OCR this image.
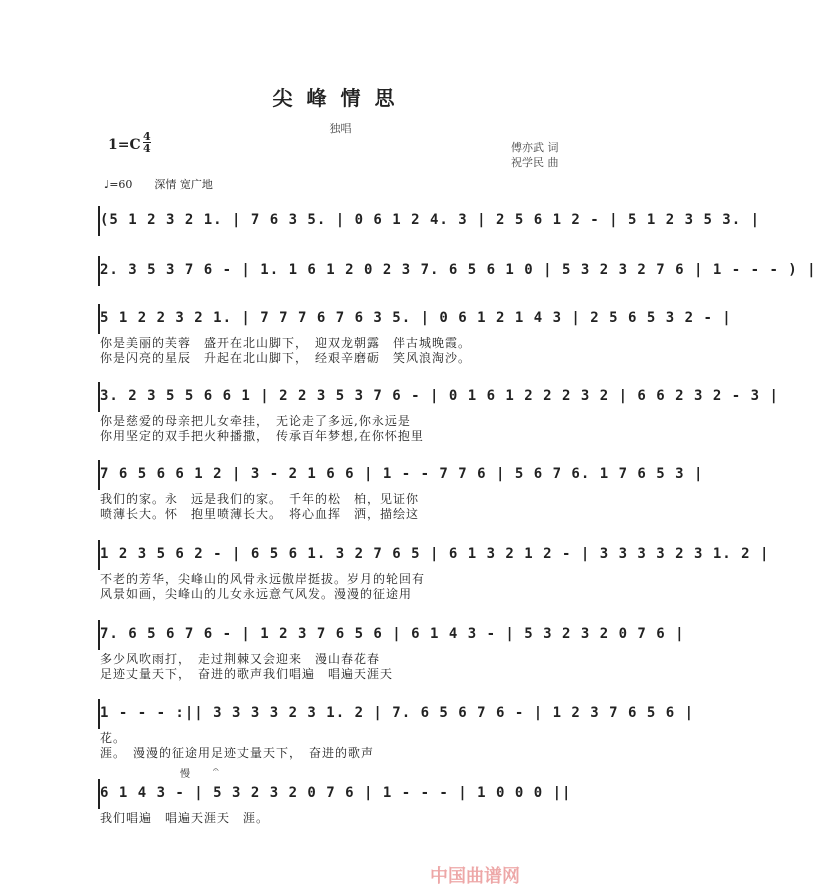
尖峰情思
独唱
1=C
4
4	傅亦武 词
祝学民 曲
♩=60　　深情 宽广地
(5 1 2 3 2 1. | 7 6 3 5. | 0 6 1 2 4. 3 | 2 5 6 1 2 - | 5 1 2 3 5 3. |
2. 3 5 3 7 6 - | 1. 1 6 1 2 0 2 3 7. 6 5 6 1 0 | 5 3 2 3 2 7 6 | 1 - - - ) |
5 1 2 2 3 2 1. | 7 7 7 6 7 6 3 5. | 0 6 1 2 1 4 3 | 2 5 6 5 3 2 - |
你是美丽的芙蓉　盛开在北山脚下，　迎双龙朝露　伴古城晚霞。
你是闪亮的星辰　升起在北山脚下，　经艰辛磨砺　笑风浪淘沙。
3. 2 3 5 5 6 6 1 | 2 2 3 5 3 7 6 - | 0 1 6 1 2 2 2 3 2 | 6 6 2 3 2 - 3 |
你是慈爱的母亲把儿女牵挂，　无论走了多远,你永远是
你用坚定的双手把火种播撒，　传承百年梦想,在你怀抱里
7 6 5 6 6 1 2 | 3 - 2 1 6 6 | 1 - - 7 7 6 | 5 6 7 6. 1 7 6 5 3 |
我们的家。永　远是我们的家。　千年的松　柏，见证你
喷薄长大。怀　抱里喷薄长大。　将心血挥　洒，描绘这
1 2 3 5 6 2 - | 6 5 6 1. 3 2 7 6 5 | 6 1 3 2 1 2 - | 3 3 3 3 2 3 1. 2 |
不老的芳华，尖峰山的风骨永远傲岸挺拔。岁月的轮回有
风景如画，尖峰山的儿女永远意气风发。漫漫的征途用
7. 6 5 6 7 6 - | 1 2 3 7 6 5 6 | 6 1 4 3 - | 5 3 2 3 2 0 7 6 |
多少风吹雨打，　走过荆棘又会迎来　漫山春花春
足迹丈量天下，　奋进的歌声我们唱遍　唱遍天涯天
1 - - - :|| 3 3 3 3 2 3 1. 2 | 7. 6 5 6 7 6 - | 1 2 3 7 6 5 6 |
花。
涯。　漫漫的征途用足迹丈量天下，　奋进的歌声
6 1 4 3 - | 5 3 2 3 2 0 7 6 | 1 - - - | 1 0 0 0 ||
我们唱遍　唱遍天涯天　涯。
慢 𝄐
中国曲谱网
